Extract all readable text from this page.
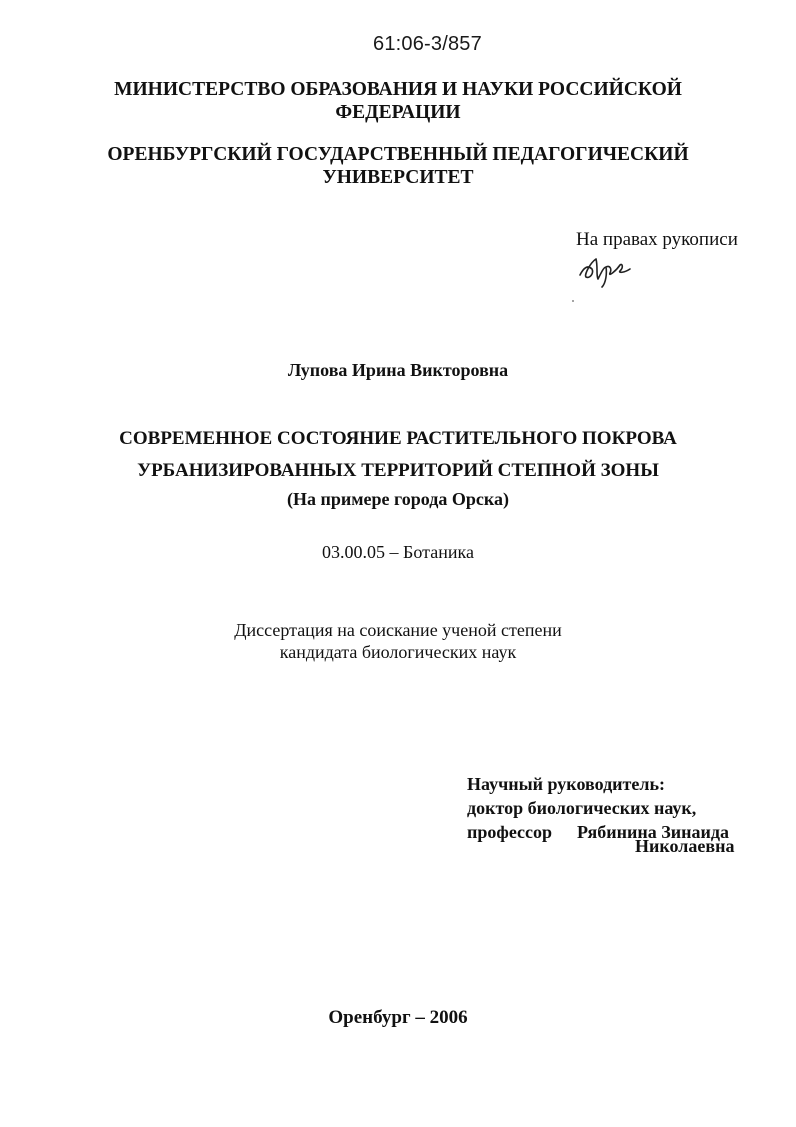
61:06-3/857
МИНИСТЕРСТВО ОБРАЗОВАНИЯ И НАУКИ РОССИЙСКОЙ
ФЕДЕРАЦИИ
ОРЕНБУРГСКИЙ ГОСУДАРСТВЕННЫЙ ПЕДАГОГИЧЕСКИЙ
УНИВЕРСИТЕТ
На правах рукописи
Лупова Ирина Викторовна
СОВРЕМЕННОЕ СОСТОЯНИЕ РАСТИТЕЛЬНОГО ПОКРОВА
УРБАНИЗИРОВАННЫХ ТЕРРИТОРИЙ СТЕПНОЙ ЗОНЫ
(На примере города Орска)
03.00.05 – Ботаника
Диссертация на соискание ученой степени
кандидата биологических наук
Научный руководитель:
доктор биологических наук,
профессор Рябинина Зинаида
Николаевна
Оренбург – 2006
